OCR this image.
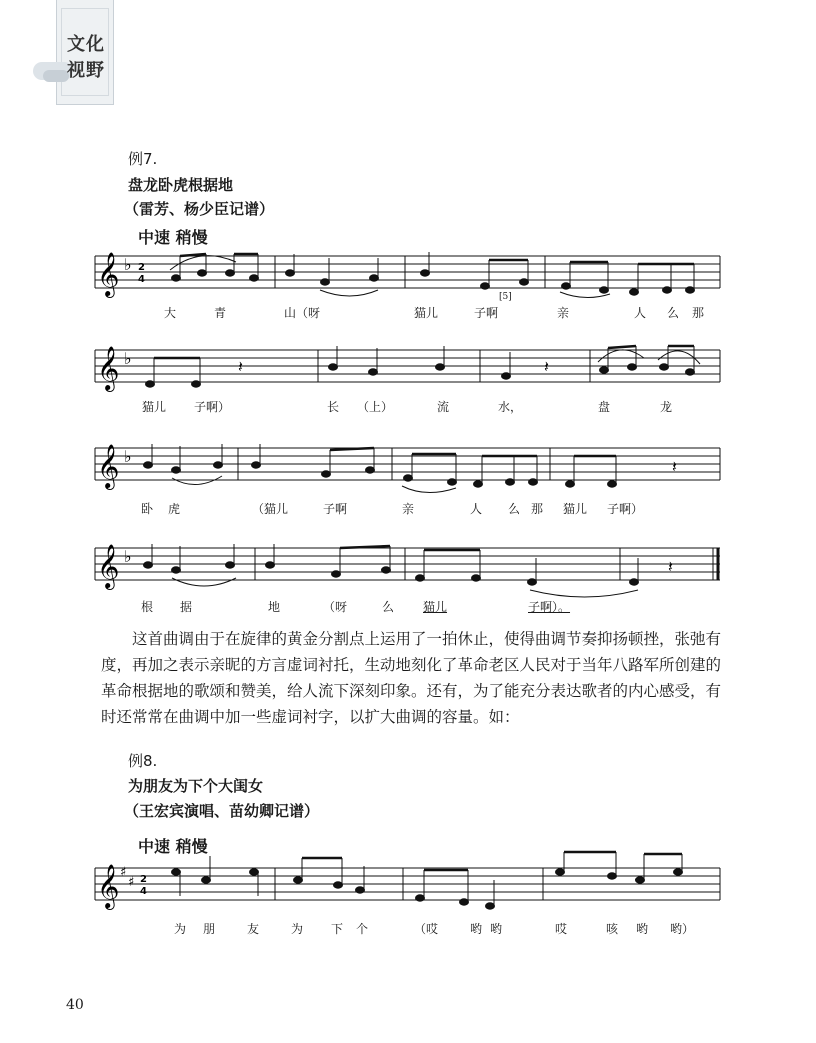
文化
视野
例7.
盘龙卧虎根据地
（雷芳、杨少臣记谱）
中速 稍慢
𝄞 ♭ 2
4
大	青	山（呀	猫儿	子啊
[5]
亲	人 么 那
𝄞 ♭	𝄽	𝄽
猫儿 子啊）	长 （上）	流	水，	盘	龙
𝄞 ♭
𝄽
卧 虎	（猫儿	子啊	亲	人 么 那 猫儿 子啊）
𝄞 ♭
𝄽
根 据	地	（呀	么 猫儿	子啊）。

这首曲调由于在旋律的黄金分割点上运用了一拍休止，使得曲调节奏抑扬顿挫，张弛有度，再加之表示亲昵的方言虚词衬托，生动地刻化了革命老区人民对于当年八路军所创建的革命根据地的歌颂和赞美，给人流下深刻印象。还有，为了能充分表达歌者的内心感受，有时还常常在曲调中加一些虚词衬字，以扩大曲调的容量。如：

例8.
为朋友为下个大闺女
（王宏宾演唱、苗幼卿记谱）
中速 稍慢
𝄞 ♯
♯ 2
4
为 朋	友	为 下 个	（哎	哟 哟	哎	咳 哟 哟）
40
